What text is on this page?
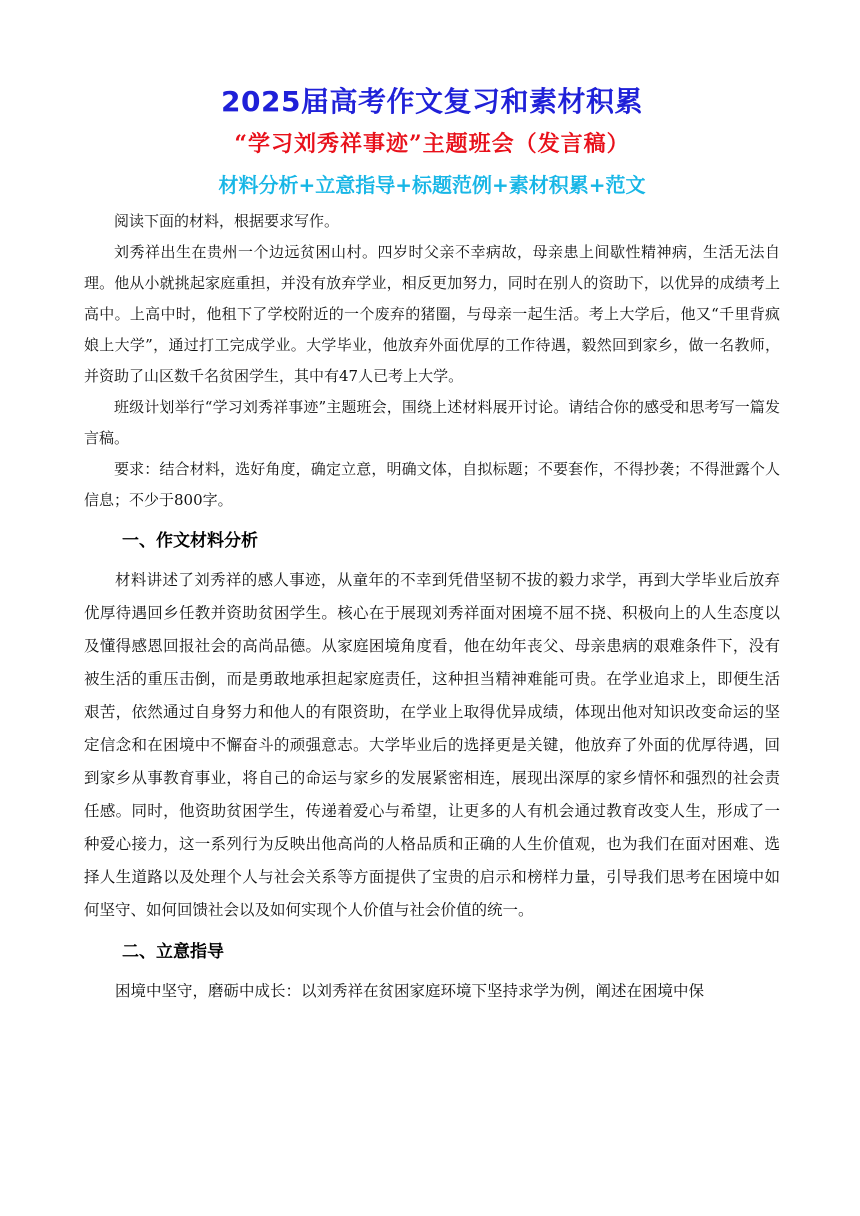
2025届高考作文复习和素材积累
“学习刘秀祥事迹”主题班会（发言稿）
材料分析+立意指导+标题范例+素材积累+范文

阅读下面的材料，根据要求写作。

刘秀祥出生在贵州一个边远贫困山村。四岁时父亲不幸病故，母亲患上间歇性精神病，生活无法自理。他从小就挑起家庭重担，并没有放弃学业，相反更加努力，同时在别人的资助下，以优异的成绩考上高中。上高中时，他租下了学校附近的一个废弃的猪圈，与母亲一起生活。考上大学后，他又“千里背疯娘上大学”，通过打工完成学业。大学毕业，他放弃外面优厚的工作待遇，毅然回到家乡，做一名教师，并资助了山区数千名贫困学生，其中有47人已考上大学。

班级计划举行“学习刘秀祥事迹”主题班会，围绕上述材料展开讨论。请结合你的感受和思考写一篇发言稿。

要求：结合材料，选好角度，确定立意，明确文体，自拟标题；不要套作，不得抄袭；不得泄露个人信息；不少于800字。

一、作文材料分析

材料讲述了刘秀祥的感人事迹，从童年的不幸到凭借坚韧不拔的毅力求学，再到大学毕业后放弃优厚待遇回乡任教并资助贫困学生。核心在于展现刘秀祥面对困境不屈不挠、积极向上的人生态度以及懂得感恩回报社会的高尚品德。从家庭困境角度看，他在幼年丧父、母亲患病的艰难条件下，没有被生活的重压击倒，而是勇敢地承担起家庭责任，这种担当精神难能可贵。在学业追求上，即便生活艰苦，依然通过自身努力和他人的有限资助，在学业上取得优异成绩，体现出他对知识改变命运的坚定信念和在困境中不懈奋斗的顽强意志。大学毕业后的选择更是关键，他放弃了外面的优厚待遇，回到家乡从事教育事业，将自己的命运与家乡的发展紧密相连，展现出深厚的家乡情怀和强烈的社会责任感。同时，他资助贫困学生，传递着爱心与希望，让更多的人有机会通过教育改变人生，形成了一种爱心接力，这一系列行为反映出他高尚的人格品质和正确的人生价值观，也为我们在面对困难、选择人生道路以及处理个人与社会关系等方面提供了宝贵的启示和榜样力量，引导我们思考在困境中如何坚守、如何回馈社会以及如何实现个人价值与社会价值的统一。

二、立意指导

困境中坚守，磨砺中成长：以刘秀祥在贫困家庭环境下坚持求学为例，阐述在困境中保
